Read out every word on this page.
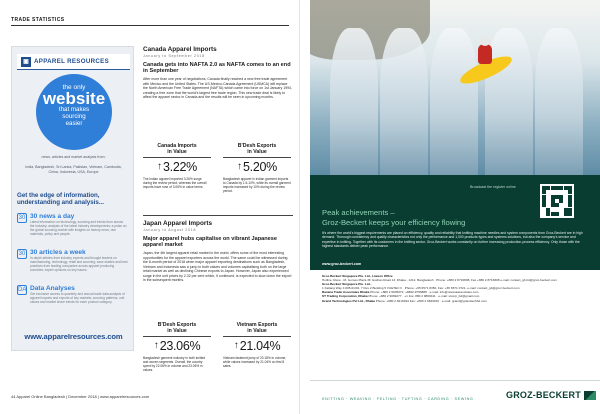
TRADE STATISTICS
▣ APPAREL RESOURCES
the only
website
that makes
sourcing
easier
news, articles and market analysis from:
India, Bangladesh, Sri Lanka, Pakistan, Vietnam, Cambodia, China, Indonesia, USA, Europe
Get the edge of information, understanding and analysis...
30 30 news a day
Latest information on technology, sourcing and trends from across the industry; analysis of the latest industry developments; a pulse on the global sourcing market with insights on factory news, raw materials, policy and people.
30 30 articles a week
In-depth articles from industry experts and thought leaders on manufacturing, technology, retail and sourcing; case studies and best practices from leading companies across apparel producing countries; expert opinions on key issues.
DA Data Analyses
Get exclusive access to quarterly and annual trade data analysis of apparel imports and exports of key markets; sourcing patterns, unit values and market share trends for each product category.
www.appareIresources.com
Canada Apparel Imports
January to September 2018
Canada gets into NAFTA 2.0 as NAFTA comes to an end in September
After more than one year of negotiations, Canada finally reached a new free trade agreement with Mexico and the United States. The US-Mexico-Canada Agreement (USMCA) will replace the North American Free Trade Agreement (NAFTA) which came into force on 1st January 1994, creating a free zone that the world's largest free trade region. This new trade deal is likely to affect the apparel sector in Canada and the results will be seen in upcoming months.
Canada Imports
in Value
↑ 3.22%
The Indian apparel imported 3.26% surge during the review period, whereas the overall imports have rose of 3.06% in value terms.
B'Desh Exports
in Value
↑ 5.20%
Bangladesh apparel in Indian garment imports to Canada by 1.5-10%, while its overall garment imports increased by 10% during the review period.
Japan Apparel Imports
January to August 2018
Major apparel hubs capitalise on vibrant Japanese apparel market
Japan, the 4th largest apparel retail market in the world, offers some of the most interesting opportunities for the apparel exporters across the world. The same could be witnessed during the 8-month period of 2018 when major apparel exporting destinations such as Bangladesh, Vietnam and Indonesia saw a jump in both values and volumes capitalising both on the large retail market as well as declining Chinese exports to Japan. However, Japan also experienced surge in the unit prices by 2.32 per cent which, if continued, is expected to slow down the export in the subsequent months.
B'Desh Exports
in Value
↑ 23.06%
Bangladesh garment industry in both knitted and woven segments. Overall, the country spent by 22.06% in volume and 23.06% in values.
Vietnam Exports
in Value
↑ 21.04%
Vietnam fastened jump of 20.18% in volume, while values increased by 21.04% on first 8 sales.
44 Apparel Online Bangladesh | December 2018 | www.apparelresources.com
Broadcast the register online
Peak achievements –
Groz-Beckert keeps your efficiency flowing
It's where the world's biggest requirements are placed on efficiency, quality and reliability that knitting machine needles and system components from Groz-Beckert are in high demand. Thorough consistency and quality characteristics not only the performance and 1,000 products types and systems solutions, but also the company's service and expertise in knitting. Together with its customers in the knitting sector, Groz-Beckert works constantly on further increasing production-process efficiency. Only those with the highest standards deliver peak performance.
www.groz-beckert.com
Groz-Beckert Singapore Pte. Ltd., Liaison Office
Hotline: Rene - M. Gomes Plaza 3F Gushan Road 13, Dhaka - 1212, Bangladesh · Phone: +880 2 8716808, Fax +880 2 8716808 e-mail: contact_gb.bd@groz-beckert.com
Groz-Beckert Singapore Pte. Ltd.,
1 Kallang Way 4 #05-01/02, 7 Rev 2 Building 5 VUETEC II · Phone: +65 6571 8350, Fax: +65 6571 0721, e-mail: contact_gb@groz-beckert.com
Ravana Trade Associates Dhaka Phone: +880 2 9035072, +8802-9756888 · e-mail: info@ravanaassociates.com
ST Trading Corporation, Dhaka Phone: +880 2 9669277 · +1 line: 880 2 9869411 · e-mail: stcorp_bd@gmail.com
Grand Technologies Pvt Ltd., Dhaka Phone: +880 2 8219494 Fax: +880 2 9849010 · e-mail: grand@grandtechbd.com
KNITTING · WEAVING · FELTING · TUFTING · CARDING · SEWING	GROZ-BECKERT
